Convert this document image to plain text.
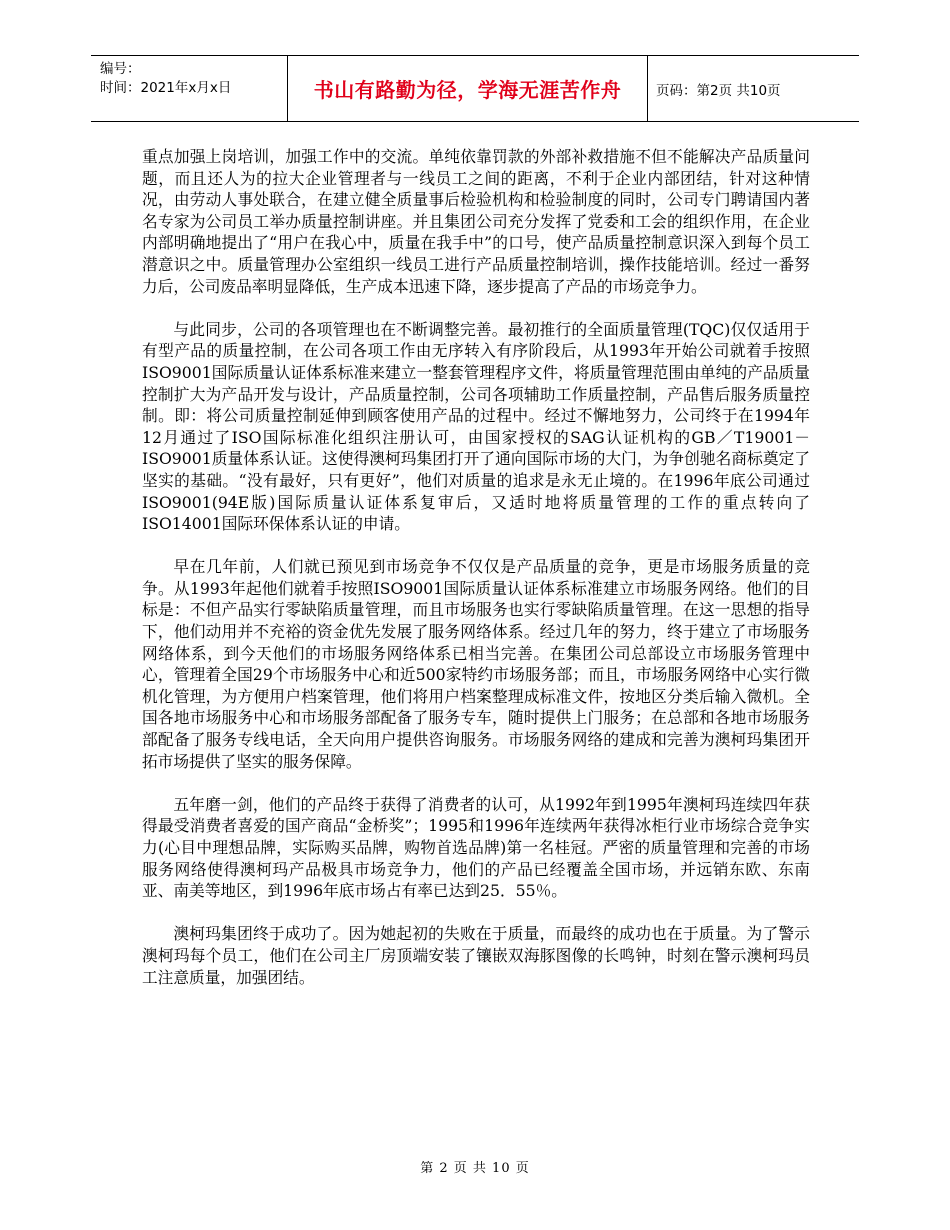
编号：
时间：2021年x月x日	书山有路勤为径，学海无涯苦作舟	页码：第2页 共10页

重点加强上岗培训，加强工作中的交流。单纯依靠罚款的外部补救措施不但不能解决产品质量问题，而且还人为的拉大企业管理者与一线员工之间的距离，不利于企业内部团结，针对这种情况，由劳动人事处联合，在建立健全质量事后检验机构和检验制度的同时，公司专门聘请国内著名专家为公司员工举办质量控制讲座。并且集团公司充分发挥了党委和工会的组织作用，在企业内部明确地提出了“用户在我心中，质量在我手中”的口号，使产品质量控制意识深入到每个员工潜意识之中。质量管理办公室组织一线员工进行产品质量控制培训，操作技能培训。经过一番努力后，公司废品率明显降低，生产成本迅速下降，逐步提高了产品的市场竞争力。

与此同步，公司的各项管理也在不断调整完善。最初推行的全面质量管理(TQC)仅仅适用于有型产品的质量控制，在公司各项工作由无序转入有序阶段后，从1993年开始公司就着手按照　　ISO9001国际质量认证体系标准来建立一整套管理程序文件，将质量管理范围由单纯的产品质量控制扩大为产品开发与设计，产品质量控制，公司各项辅助工作质量控制，产品售后服务质量控制。即：将公司质量控制延伸到顾客使用产品的过程中。经过不懈地努力，公司终于在1994年12月通过了ISO国际标准化组织注册认可，由国家授权的SAG认证机构的GB／T19001－ISO9001质量体系认证。这使得澳柯玛集团打开了通向国际市场的大门，为争创驰名商标奠定了坚实的基础。“没有最好，只有更好”，他们对质量的追求是永无止境的。在1996年底公司通过ISO9001(94E版)国际质量认证体系复审后，又适时地将质量管理的工作的重点转向了ISO14001国际环保体系认证的申请。

早在几年前，人们就已预见到市场竞争不仅仅是产品质量的竞争，更是市场服务质量的竞争。从1993年起他们就着手按照ISO9001国际质量认证体系标准建立市场服务网络。他们的目标是：不但产品实行零缺陷质量管理，而且市场服务也实行零缺陷质量管理。在这一思想的指导下，他们动用并不充裕的资金优先发展了服务网络体系。经过几年的努力，终于建立了市场服务网络体系，到今天他们的市场服务网络体系已相当完善。在集团公司总部设立市场服务管理中心，管理着全国29个市场服务中心和近500家特约市场服务部；而且，市场服务网络中心实行微机化管理，为方便用户档案管理，他们将用户档案整理成标准文件，按地区分类后输入微机。全国各地市场服务中心和市场服务部配备了服务专车，随时提供上门服务；在总部和各地市场服务部配备了服务专线电话，全天向用户提供咨询服务。市场服务网络的建成和完善为澳柯玛集团开拓市场提供了坚实的服务保障。

五年磨一剑，他们的产品终于获得了消费者的认可，从1992年到1995年澳柯玛连续四年获得最受消费者喜爱的国产商品“金桥奖”；1995和1996年连续两年获得冰柜行业市场综合竞争实力(心目中理想品牌，实际购买品牌，购物首选品牌)第一名桂冠。严密的质量管理和完善的市场服务网络使得澳柯玛产品极具市场竞争力，他们的产品已经覆盖全国市场，并远销东欧、东南亚、南美等地区，到1996年底市场占有率已达到25．55％。

澳柯玛集团终于成功了。因为她起初的失败在于质量，而最终的成功也在于质量。为了警示澳柯玛每个员工，他们在公司主厂房顶端安装了镶嵌双海豚图像的长鸣钟，时刻在警示澳柯玛员工注意质量，加强团结。

第 2 页 共 10 页
